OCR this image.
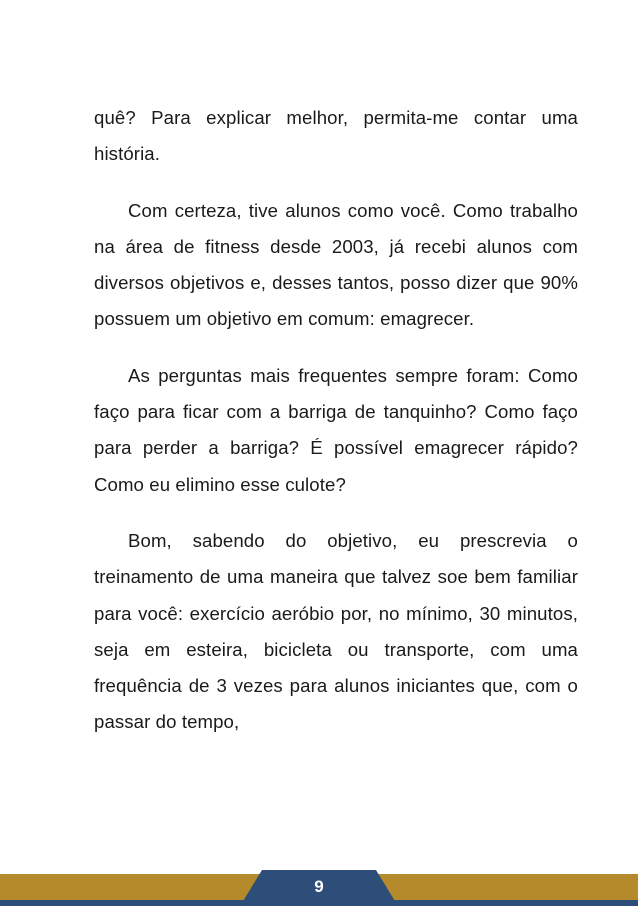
quê? Para explicar melhor, permita-me contar uma história.

Com certeza, tive alunos como você. Como trabalho na área de fitness desde 2003, já recebi alunos com diversos objetivos e, desses tantos, posso dizer que 90% possuem um objetivo em comum: emagrecer.

As perguntas mais frequentes sempre foram: Como faço para ficar com a barriga de tanquinho? Como faço para perder a barriga? É possível emagrecer rápido? Como eu elimino esse culote?

Bom, sabendo do objetivo, eu prescrevia o treinamento de uma maneira que talvez soe bem familiar para você: exercício aeróbio por, no mínimo, 30 minutos, seja em esteira, bicicleta ou transporte, com uma frequência de 3 vezes para alunos iniciantes que, com o passar do tempo,

9
